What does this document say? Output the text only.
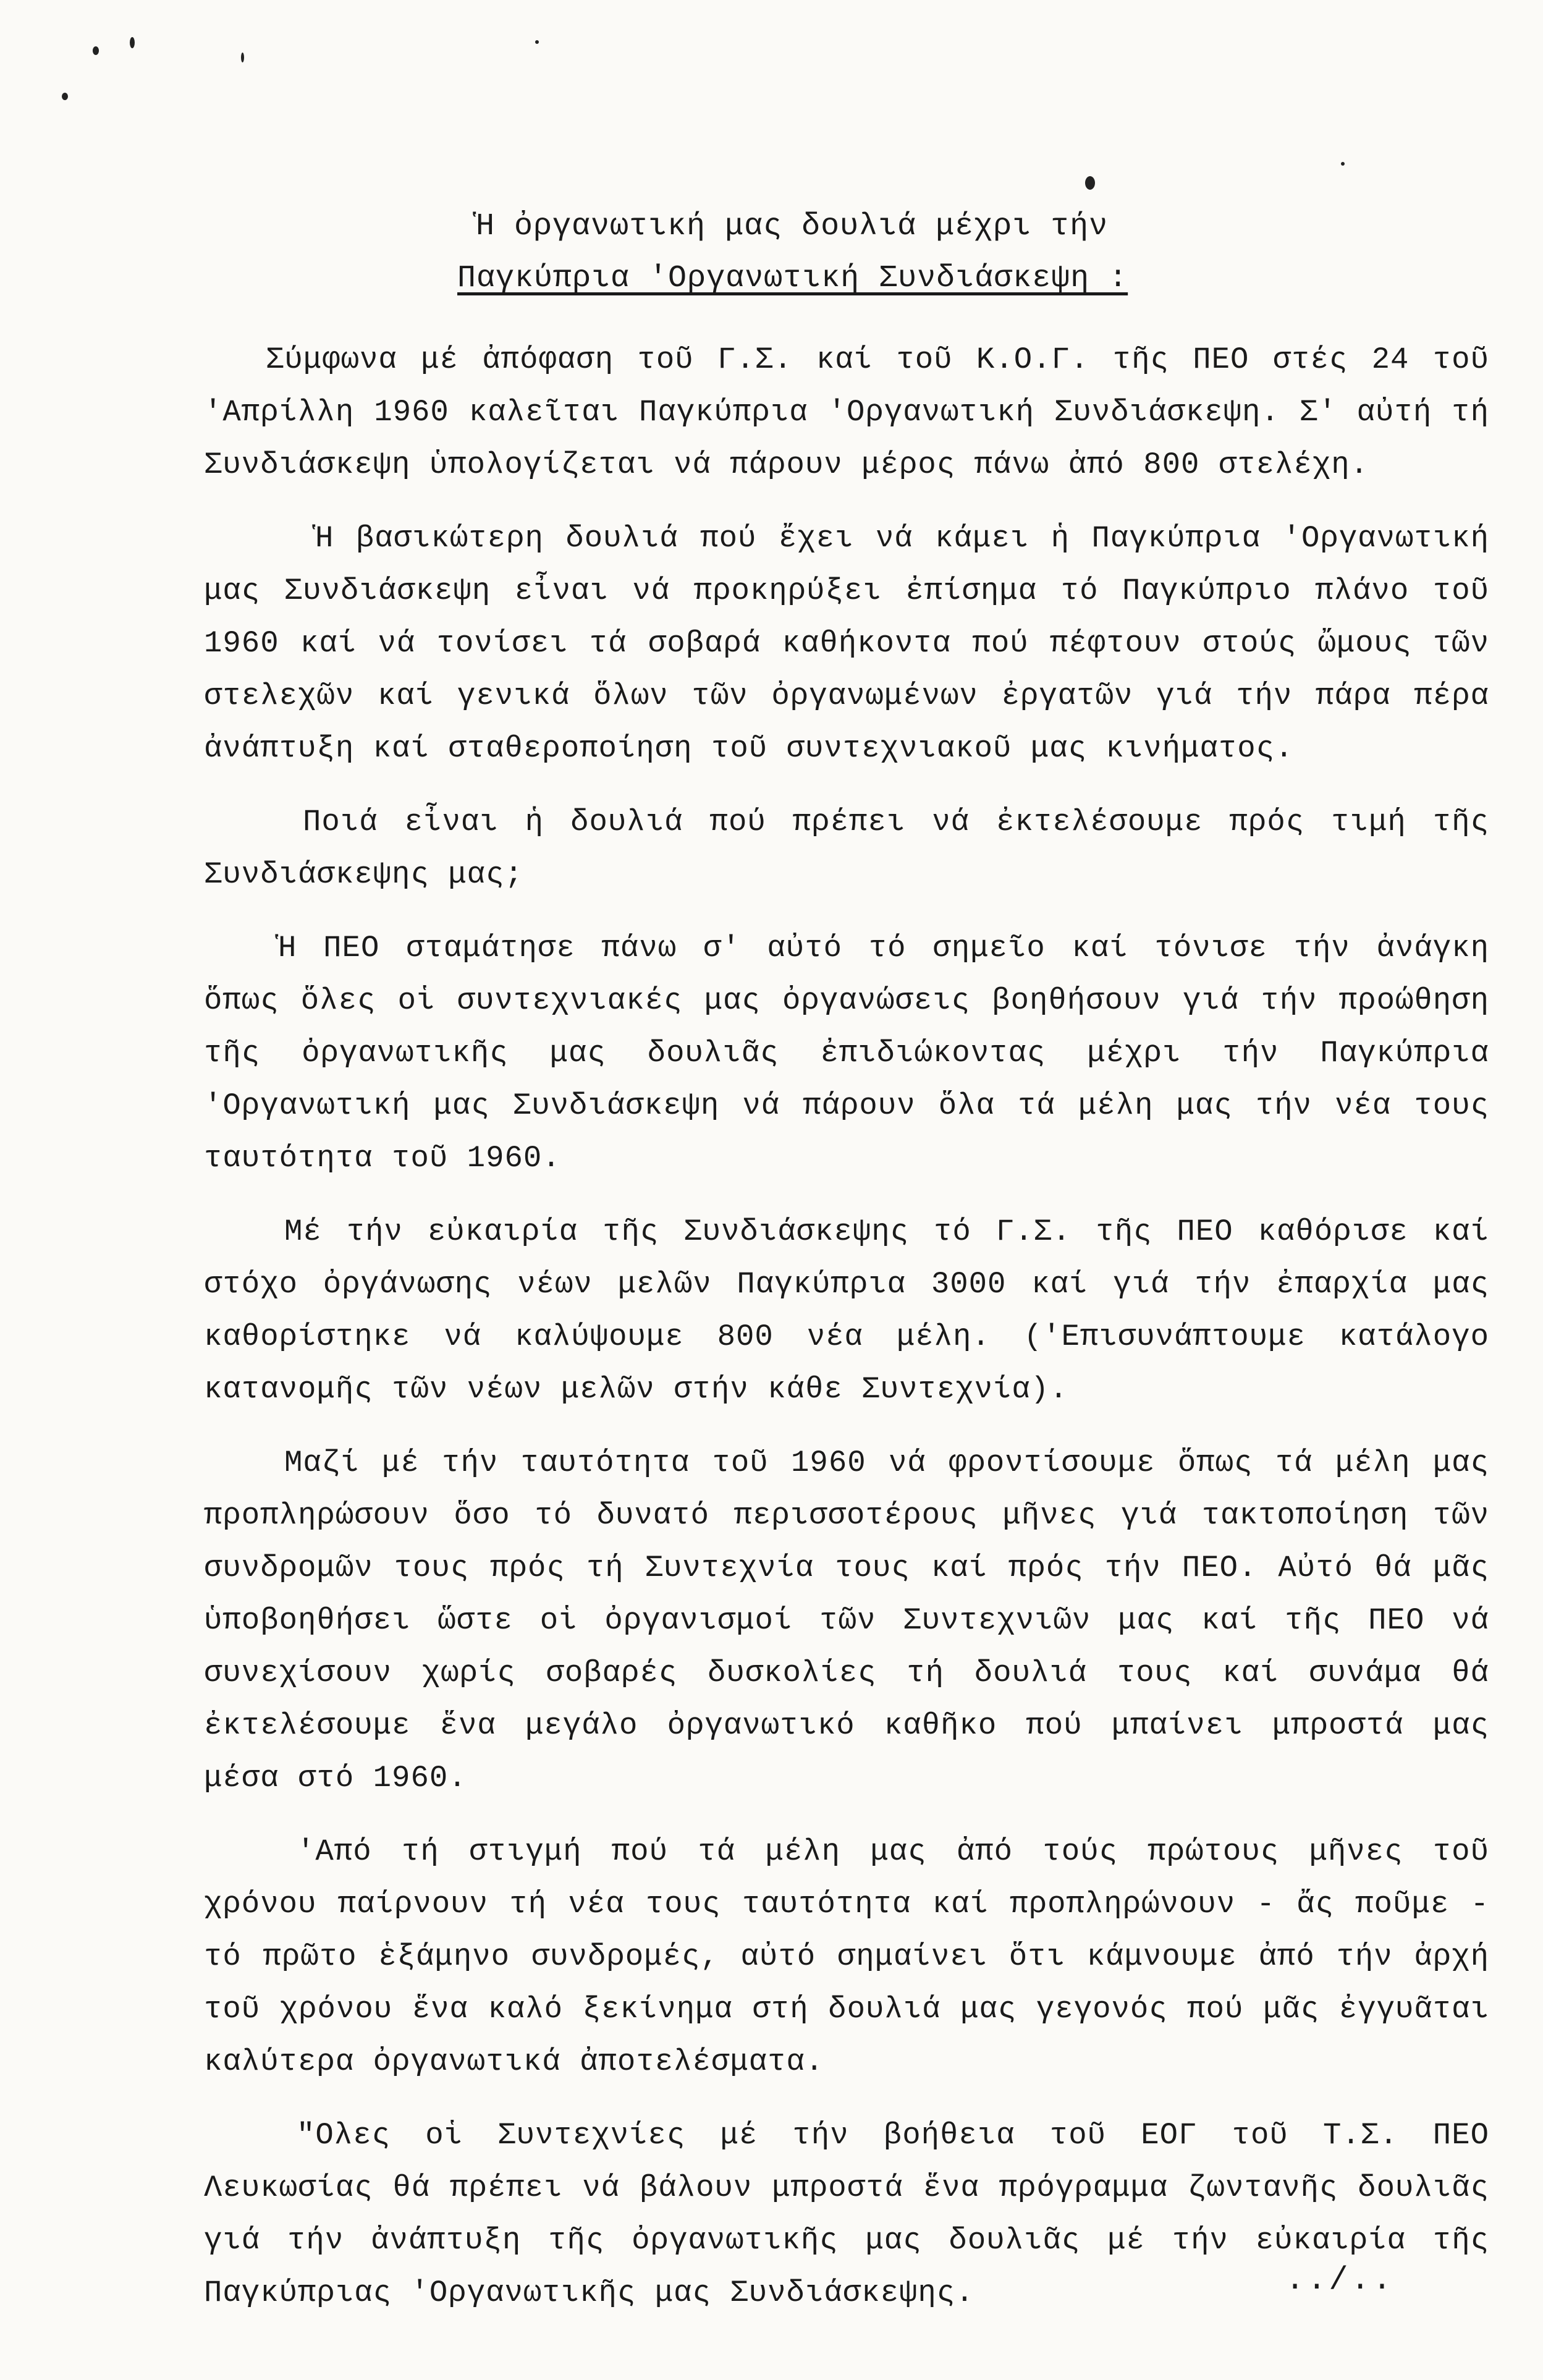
Ἡ ὀργανωτική μας δουλιά μέχρι τήν
Παγκύπρια 'Οργανωτική Συνδιάσκεψη :

Σύμφωνα μέ ἀπόφαση τοῦ Γ.Σ. καί τοῦ Κ.Ο.Γ. τῆς ΠΕΟ στές 24 τοῦ 'Απρίλλη 1960 καλεῖται Παγκύπρια 'Οργανωτική Συνδιάσκεψη. Σ' αὐτή τή Συνδιάσκεψη ὑπολογίζεται νά πάρουν μέρος πάνω ἀπό 800 στελέχη.

Ἡ βασικώτερη δουλιά πού ἔχει νά κάμει ἡ Παγκύπρια 'Οργανωτική μας Συνδιάσκεψη εἶναι νά προκηρύξει ἐπίσημα τό Παγκύπριο πλάνο τοῦ 1960 καί νά τονίσει τά σοβαρά καθήκοντα πού πέφτουν στούς ὤμους τῶν στελεχῶν καί γενικά ὅλων τῶν ὀργανωμένων ἐργατῶν γιά τήν πάρα πέρα ἀνάπτυξη καί σταθεροποίηση τοῦ συντεχνιακοῦ μας κινήματος.

Ποιά εἶναι ἡ δουλιά πού πρέπει νά ἐκτελέσουμε πρός τιμή τῆς Συνδιάσκεψης μας;

Ἡ ΠΕΟ σταμάτησε πάνω σ' αὐτό τό σημεῖο καί τόνισε τήν ἀνάγκη ὅπως ὅλες οἱ συντεχνιακές μας ὀργανώσεις βοηθήσουν γιά τήν προώθηση τῆς ὀργανωτικῆς μας δουλιᾶς ἐπιδιώκοντας μέχρι τήν Παγκύπρια 'Οργανωτική μας Συνδιάσκεψη νά πάρουν ὅλα τά μέλη μας τήν νέα τους ταυτότητα τοῦ 1960.

Μέ τήν εὐκαιρία τῆς Συνδιάσκεψης τό Γ.Σ. τῆς ΠΕΟ καθόρισε καί στόχο ὀργάνωσης νέων μελῶν Παγκύπρια 3000 καί γιά τήν ἐπαρχία μας καθορίστηκε νά καλύψουμε 800 νέα μέλη. ('Επισυνάπτουμε κατάλογο κατανομῆς τῶν νέων μελῶν στήν κάθε Συντεχνία).

Μαζί μέ τήν ταυτότητα τοῦ 1960 νά φροντίσουμε ὅπως τά μέλη μας προπληρώσουν ὅσο τό δυνατό περισσοτέρους μῆνες γιά τακτοποίηση τῶν συνδρομῶν τους πρός τή Συντεχνία τους καί πρός τήν ΠΕΟ. Αὐτό θά μᾶς ὑποβοηθήσει ὥστε οἱ ὀργανισμοί τῶν Συντεχνιῶν μας καί τῆς ΠΕΟ νά συνεχίσουν χωρίς σοβαρές δυσκολίες τή δουλιά τους καί συνάμα θά ἐκτελέσουμε ἕνα μεγάλο ὀργανωτικό καθῆκο πού μπαίνει μπροστά μας μέσα στό 1960.

'Από τή στιγμή πού τά μέλη μας ἀπό τούς πρώτους μῆνες τοῦ χρόνου παίρνουν τή νέα τους ταυτότητα καί προπληρώνουν - ἄς ποῦμε - τό πρῶτο ἑξάμηνο συνδρομές, αὐτό σημαίνει ὅτι κάμνουμε ἀπό τήν ἀρχή τοῦ χρόνου ἕνα καλό ξεκίνημα στή δουλιά μας γεγονός πού μᾶς ἐγγυᾶται καλύτερα ὀργανωτικά ἀποτελέσματα.

"Ολες οἱ Συντεχνίες μέ τήν βοήθεια τοῦ ΕΟΓ τοῦ Τ.Σ. ΠΕΟ Λευκωσίας θά πρέπει νά βάλουν μπροστά ἕνα πρόγραμμα ζωντανῆς δουλιᾶς γιά τήν ἀνάπτυξη τῆς ὀργανωτικῆς μας δουλιᾶς μέ τήν εὐκαιρία τῆς Παγκύπριας 'Οργανωτικῆς μας Συνδιάσκεψης.	../..
